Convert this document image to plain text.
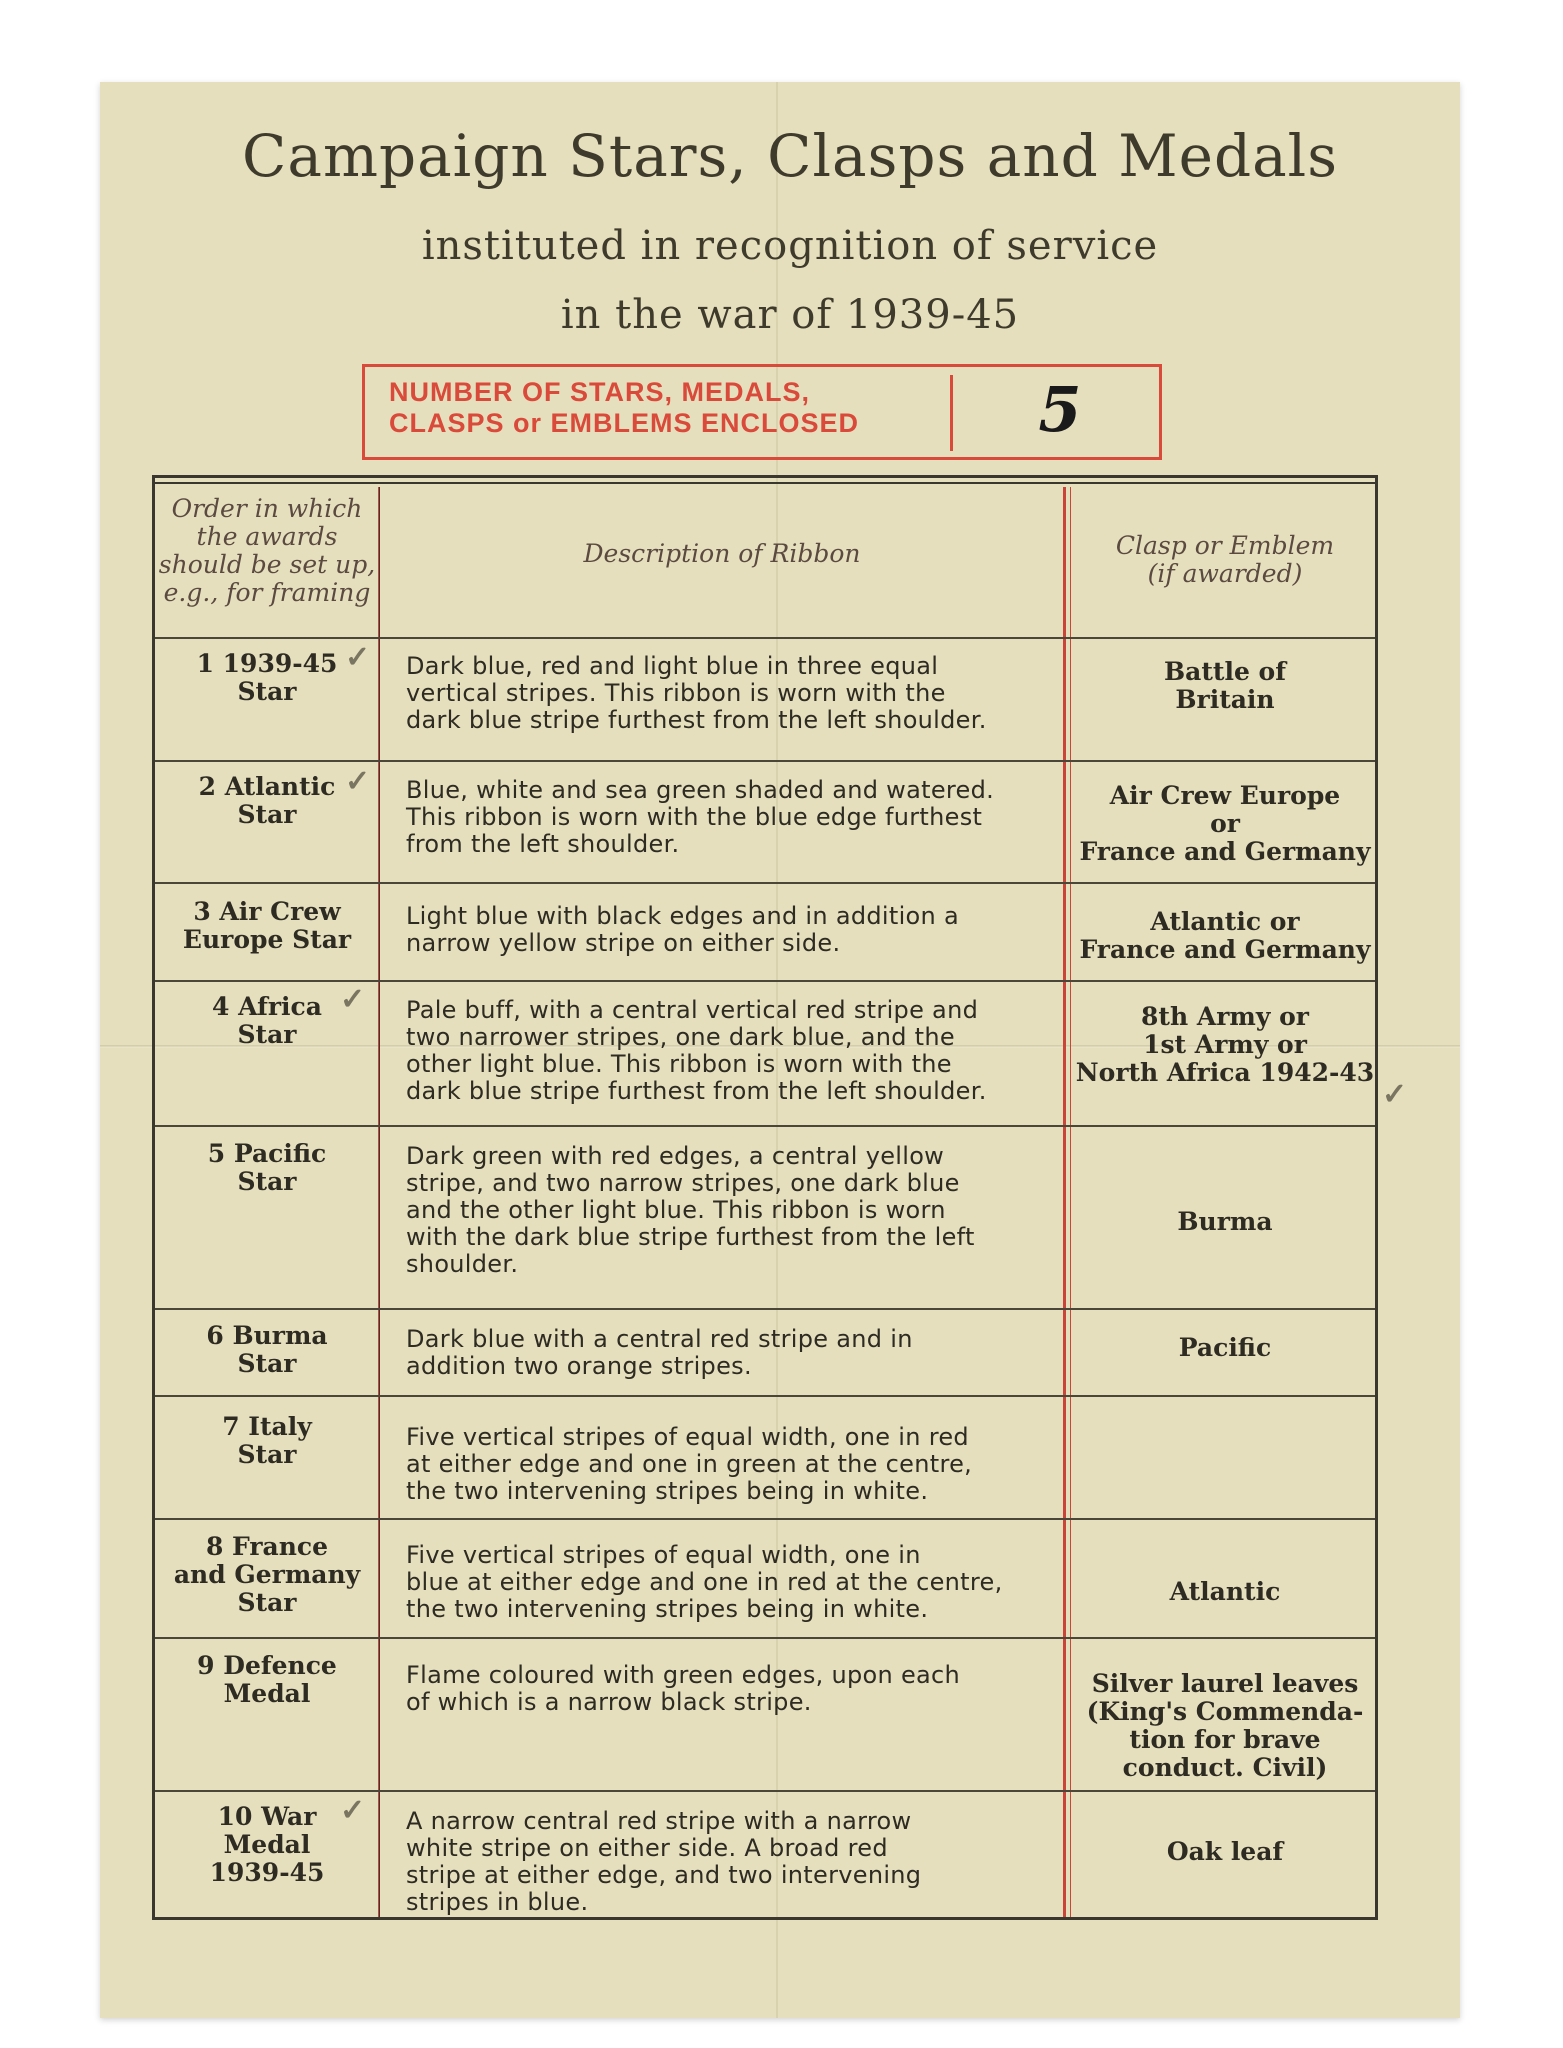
Campaign Stars, Clasps and Medals
instituted in recognition of service
in the war of 1939-45
NUMBER OF STARS, MEDALS,
CLASPS or EMBLEMS ENCLOSED	5
Order in which
the awards
should be set up,
e.g., for framing
Description of Ribbon	Clasp or Emblem
(if awarded)
1 1939-45
Star
Dark blue, red and light blue in three equal
vertical stripes. This ribbon is worn with the
dark blue stripe furthest from the left shoulder.
Battle of
Britain
✓
2 Atlantic
Star
Blue, white and sea green shaded and watered.
This ribbon is worn with the blue edge furthest
from the left shoulder.
Air Crew Europe
or
France and Germany
✓
3 Air Crew
Europe Star
Light blue with black edges and in addition a
narrow yellow stripe on either side.
Atlantic or
France and Germany
4 Africa
Star
Pale buff, with a central vertical red stripe and
two narrower stripes, one dark blue, and the
other light blue. This ribbon is worn with the
dark blue stripe furthest from the left shoulder.
8th Army or
1st Army or
North Africa 1942-43
✓
✓
5 Pacific
Star
Dark green with red edges, a central yellow
stripe, and two narrow stripes, one dark blue
and the other light blue. This ribbon is worn
with the dark blue stripe furthest from the left
shoulder.
Burma
6 Burma
Star
Dark blue with a central red stripe and in
addition two orange stripes.
Pacific
7 Italy
Star
Five vertical stripes of equal width, one in red
at either edge and one in green at the centre,
the two intervening stripes being in white.
8 France
and Germany
Star
Five vertical stripes of equal width, one in
blue at either edge and one in red at the centre,
the two intervening stripes being in white.
Atlantic
9 Defence
Medal
Flame coloured with green edges, upon each
of which is a narrow black stripe.
Silver laurel leaves
(King's Commenda-
tion for brave
conduct. Civil)
10 War
Medal
1939-45
A narrow central red stripe with a narrow
white stripe on either side. A broad red
stripe at either edge, and two intervening
stripes in blue.
Oak leaf
✓
